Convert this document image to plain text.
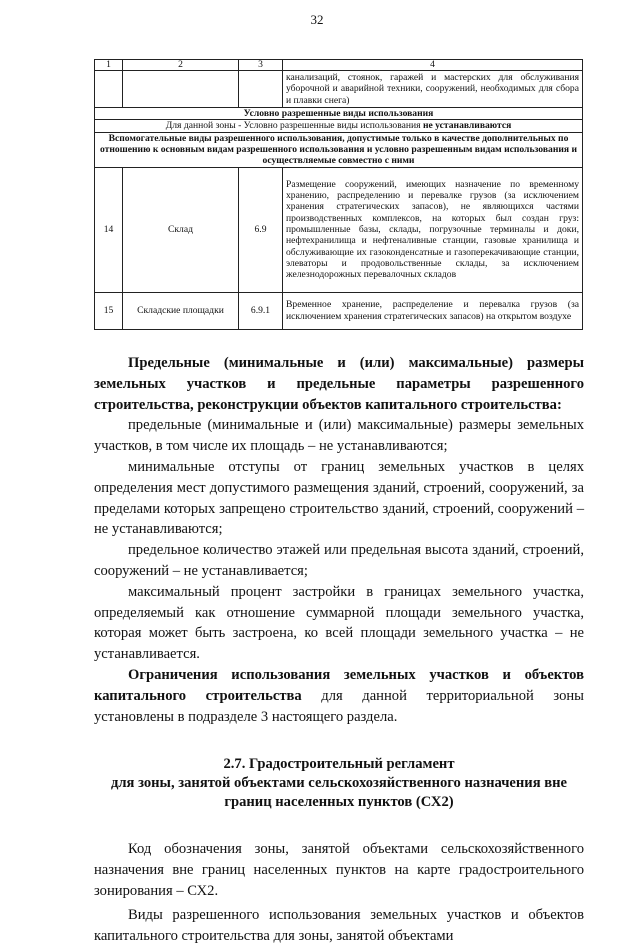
32
1	2	3	4
			канализаций, стоянок, гаражей и мастерских для обслуживания уборочной и аварийной техники, сооружений, необходимых для сбора и плавки снега)
Условно разрешенные виды использования			
Для данной зоны - Условно разрешенные виды использования не устанавливаются			
Вспомогательные виды разрешенного использования, допустимые только в качестве дополнительных по отношению к основным видам разрешенного использования и условно разрешенным видам использования и осуществляемые совместно с ними			
14	Склад	6.9	Размещение сооружений, имеющих назначение по временному хранению, распределению и перевалке грузов (за исключением хранения стратегических запасов), не являющихся частями производственных комплексов, на которых был создан груз: промышленные базы, склады, погрузочные терминалы и доки, нефтехранилища и нефтеналивные станции, газовые хранилища и обслуживающие их газоконденсатные и газоперекачивающие станции, элеваторы и продовольственные склады, за исключением железнодорожных перевалочных складов
15	Складские площадки	6.9.1	Временное хранение, распределение и перевалка грузов (за исключением хранения стратегических запасов) на открытом воздухе

Предельные (минимальные и (или) максимальные) размеры земельных участков и предельные параметры разрешенного строительства, реконструкции объектов капитального строительства:

предельные (минимальные и (или) максимальные) размеры земельных участков, в том числе их площадь – не устанавливаются;

минимальные отступы от границ земельных участков в целях определения мест допустимого размещения зданий, строений, сооружений, за пределами которых запрещено строительство зданий, строений, сооружений – не устанавливаются;

предельное количество этажей или предельная высота зданий, строений, сооружений – не устанавливается;

максимальный процент застройки в границах земельного участка, определяемый как отношение суммарной площади земельного участка, которая может быть застроена, ко всей площади земельного участка – не устанавливается.

Ограничения использования земельных участков и объектов капитального строительства для данной территориальной зоны установлены в подразделе 3 настоящего раздела.

2.7. Градостроительный регламент
для зоны, занятой объектами сельскохозяйственного назначения вне
границ населенных пунктов (СХ2)

Код обозначения зоны, занятой объектами сельскохозяйственного назначения вне границ населенных пунктов на карте градостроительного зонирования – СХ2.

Виды разрешенного использования земельных участков и объектов капитального строительства для зоны, занятой объектами
